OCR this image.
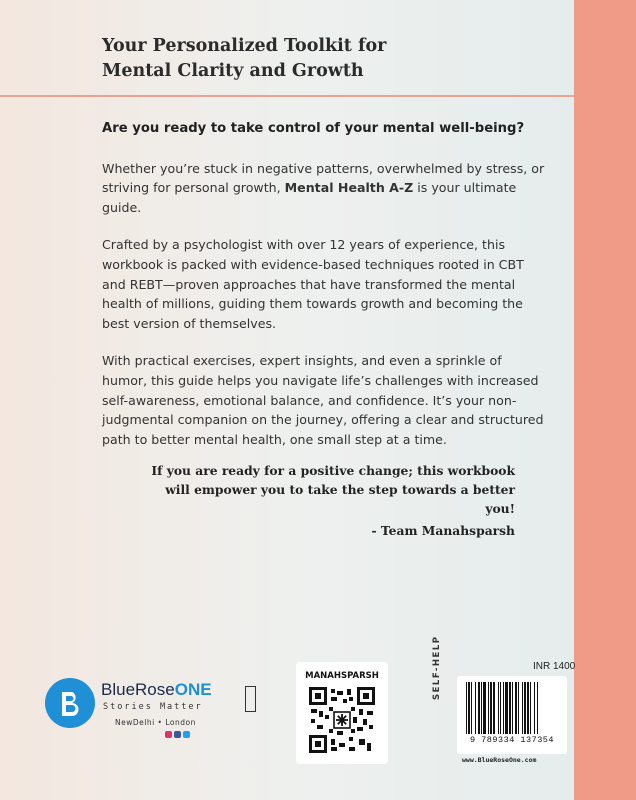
Your Personalized Toolkit for
Mental Clarity and Growth

Are you ready to take control of your mental well-being?

Whether you’re stuck in negative patterns, overwhelmed by stress, or striving for personal growth, Mental Health A-Z is your ultimate guide.

Crafted by a psychologist with over 12 years of experience, this workbook is packed with evidence-based techniques rooted in CBT and REBT—proven approaches that have transformed the mental health of millions, guiding them towards growth and becoming the best version of themselves.

With practical exercises, expert insights, and even a sprinkle of humor, this guide helps you navigate life’s challenges with increased self-awareness, emotional balance, and confidence. It’s your non-judgmental companion on the journey, offering a clear and structured path to better mental health, one small step at a time.

If you are ready for a positive change; this workbook
will empower you to take the step towards a better you!
- Team Manahsparsh
BlueRoseONE
Stories Matter
NewDelhi • London
MANAHSPARSH
INR 1400
SELF-HELP
9 789334 137354
www.BlueRoseOne.com
